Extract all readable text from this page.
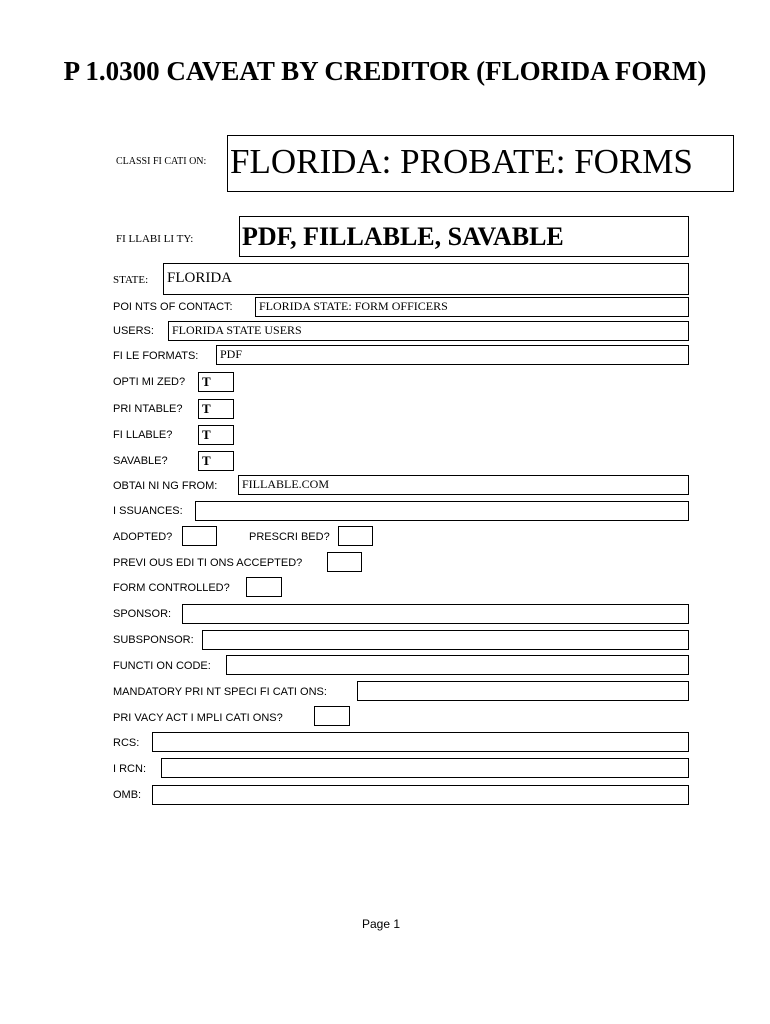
P 1.0300 CAVEAT BY CREDITOR (FLORIDA FORM)
CLASSI FI CATI ON: FLORIDA: PROBATE: FORMS
FI LLABI LI TY: PDF, FILLABLE, SAVABLE
STATE: FLORIDA
POI NTS OF CONTACT:	FLORIDA STATE: FORM OFFICERS
USERS:	FLORIDA STATE USERS
FI LE FORMATS:	PDF
OPTI MI ZED?	T
PRI NTABLE?	T
FI LLABLE?	T
SAVABLE?	T
OBTAI NI NG FROM:	FILLABLE.COM
I SSUANCES:
ADOPTED?	PRESCRI BED?
PREVI OUS EDI TI ONS ACCEPTED?
FORM CONTROLLED?
SPONSOR:
SUBSPONSOR:
FUNCTI ON CODE:
MANDATORY PRI NT SPECI FI CATI ONS:
PRI VACY ACT I MPLI CATI ONS?
RCS:
I RCN:
OMB:
Page 1
